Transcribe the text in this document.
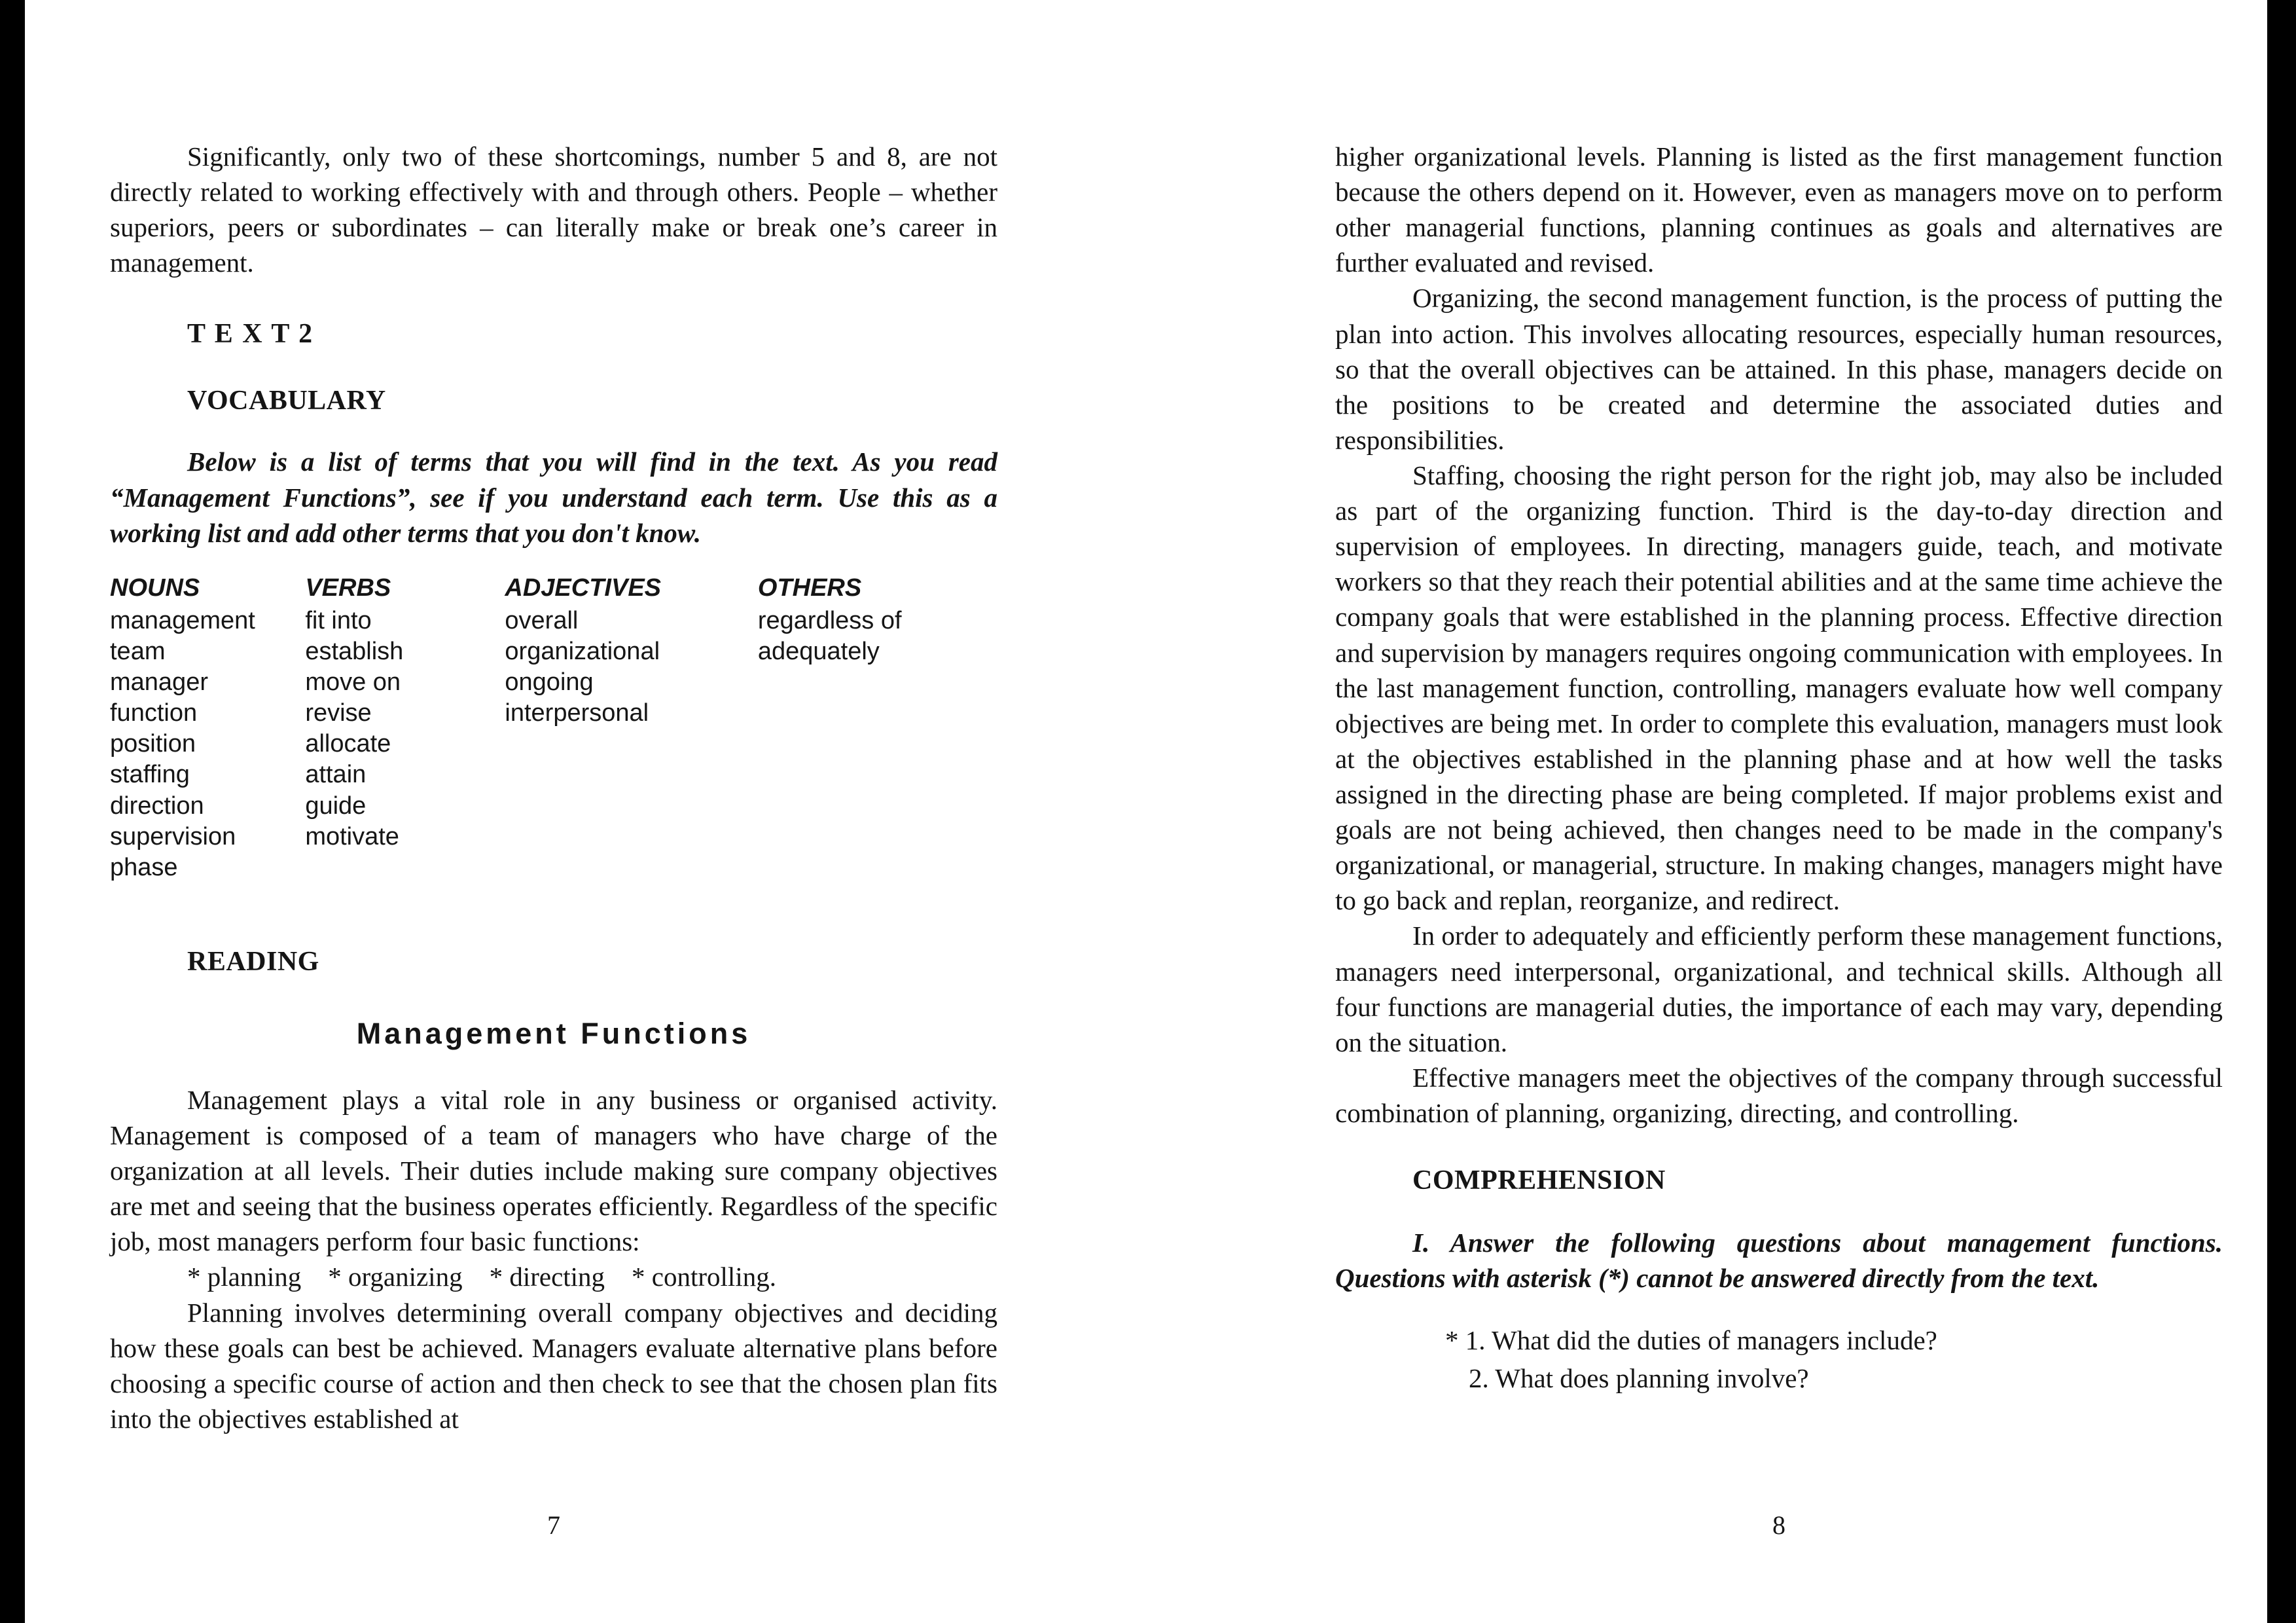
Significantly, only two of these shortcomings, number 5 and 8, are not directly related to working effectively with and through others. People – whether superiors, peers or subordinates – can literally make or break one’s career in management.

T E X T 2
VOCABULARY

Below is a list of terms that you will find in the text. As you read “Management Functions”, see if you understand each term. Use this as a working list and add other terms that you don't know.

NOUNS
management
team
manager
function
position
staffing
direction
supervision
phase
VERBS
fit into
establish
move on
revise
allocate
attain
guide
motivate
ADJECTIVES
overall
organizational
ongoing
interpersonal
OTHERS
regardless of
adequately
READING
Management Functions

Management plays a vital role in any business or organised activity. Management is composed of a team of managers who have charge of the organization at all levels. Their duties include making sure company objectives are met and seeing that the business operates efficiently. Regardless of the specific job, most managers perform four basic functions:

* planning    * organizing    * directing    * controlling.

Planning involves determining overall company objectives and deciding how these goals can best be achieved. Managers evaluate alternative plans before choosing a specific course of action and then check to see that the chosen plan fits into the objectives established at

7

higher organizational levels. Planning is listed as the first management function because the others depend on it. However, even as managers move on to perform other managerial functions, planning continues as goals and alternatives are further evaluated and revised.

Organizing, the second management function, is the process of putting the plan into action. This involves allocating resources, especially human resources, so that the overall objectives can be attained. In this phase, managers decide on the positions to be created and determine the associated duties and responsibilities.

Staffing, choosing the right person for the right job, may also be included as part of the organizing function. Third is the day-to-day direction and supervision of employees. In directing, managers guide, teach, and motivate workers so that they reach their potential abilities and at the same time achieve the company goals that were established in the planning process. Effective direction and supervision by managers requires ongoing communication with employees. In the last management function, controlling, managers evaluate how well company objectives are being met. In order to complete this evaluation, managers must look at the objectives established in the planning phase and at how well the tasks assigned in the directing phase are being completed. If major problems exist and goals are not being achieved, then changes need to be made in the company's organizational, or managerial, structure. In making changes, managers might have to go back and replan, reorganize, and redirect.

In order to adequately and efficiently perform these management functions, managers need interpersonal, organizational, and technical skills. Although all four functions are managerial duties, the importance of each may vary, depending on the situation.

Effective managers meet the objectives of the company through successful combination of planning, organizing, directing, and controlling.

COMPREHENSION

I. Answer the following questions about management functions. Questions with asterisk (*) cannot be answered directly from the text.

* 1. What did the duties of managers include?

2. What does planning involve?

8
